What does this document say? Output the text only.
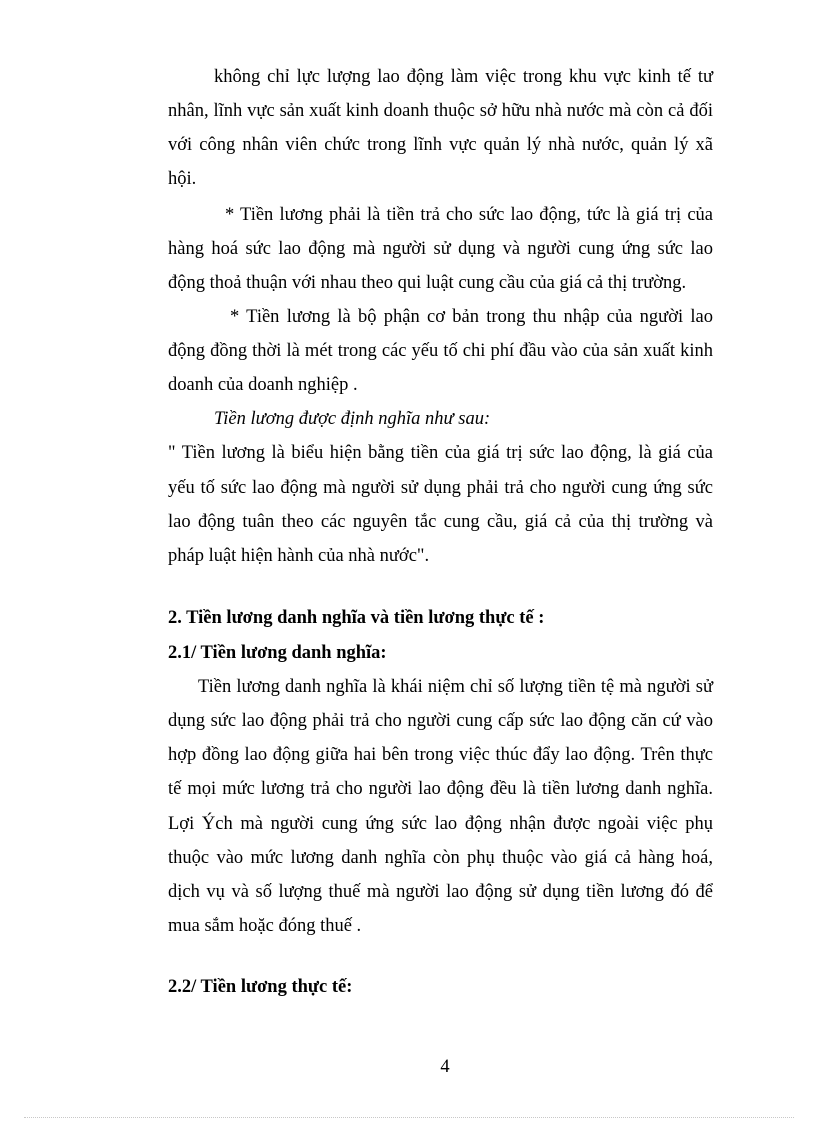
không chỉ lực lượng lao động làm việc trong khu vực kinh tế tư
nhân, lĩnh vực sản xuất kinh doanh thuộc sở hữu nhà nước mà còn cả đối
với công nhân viên chức trong lĩnh vực quản lý nhà nước, quản lý xã
hội.
* Tiền lương phải là tiền trả cho sức lao động, tức là giá trị của
hàng hoá sức lao động mà người sử dụng và người cung ứng sức lao
động thoả thuận với nhau theo qui luật cung cầu của giá cả thị trường.
* Tiền lương là bộ phận cơ bản trong thu nhập của người lao
động đồng thời là mét trong các yếu tố chi phí đầu vào của sản xuất kinh
doanh của doanh nghiệp .
Tiền lương được định nghĩa như sau:
" Tiền lương là biểu hiện bằng tiền của giá trị sức lao động, là giá của
yếu tố sức lao động mà người sử dụng phải trả cho người cung ứng sức
lao động tuân theo các nguyên tắc cung cầu, giá cả của thị trường và
pháp luật hiện hành của nhà nước".
2. Tiền lương danh nghĩa và tiền lương thực tế :
2.1/ Tiền lương danh nghĩa:
Tiền lương danh nghĩa là khái niệm chỉ số lượng tiền tệ mà người sử
dụng sức lao động phải trả cho người cung cấp sức lao động căn cứ vào
hợp đồng lao động giữa hai bên trong việc thúc đẩy lao động. Trên thực
tế mọi mức lương trả cho người lao động đều là tiền lương danh nghĩa.
Lợi Ých mà người cung ứng sức lao động nhận được ngoài việc phụ
thuộc vào mức lương danh nghĩa còn phụ thuộc vào giá cả hàng hoá,
dịch vụ và số lượng thuế mà người lao động sử dụng tiền lương đó để
mua sắm hoặc đóng thuế .
2.2/ Tiền lương thực tế:
4
